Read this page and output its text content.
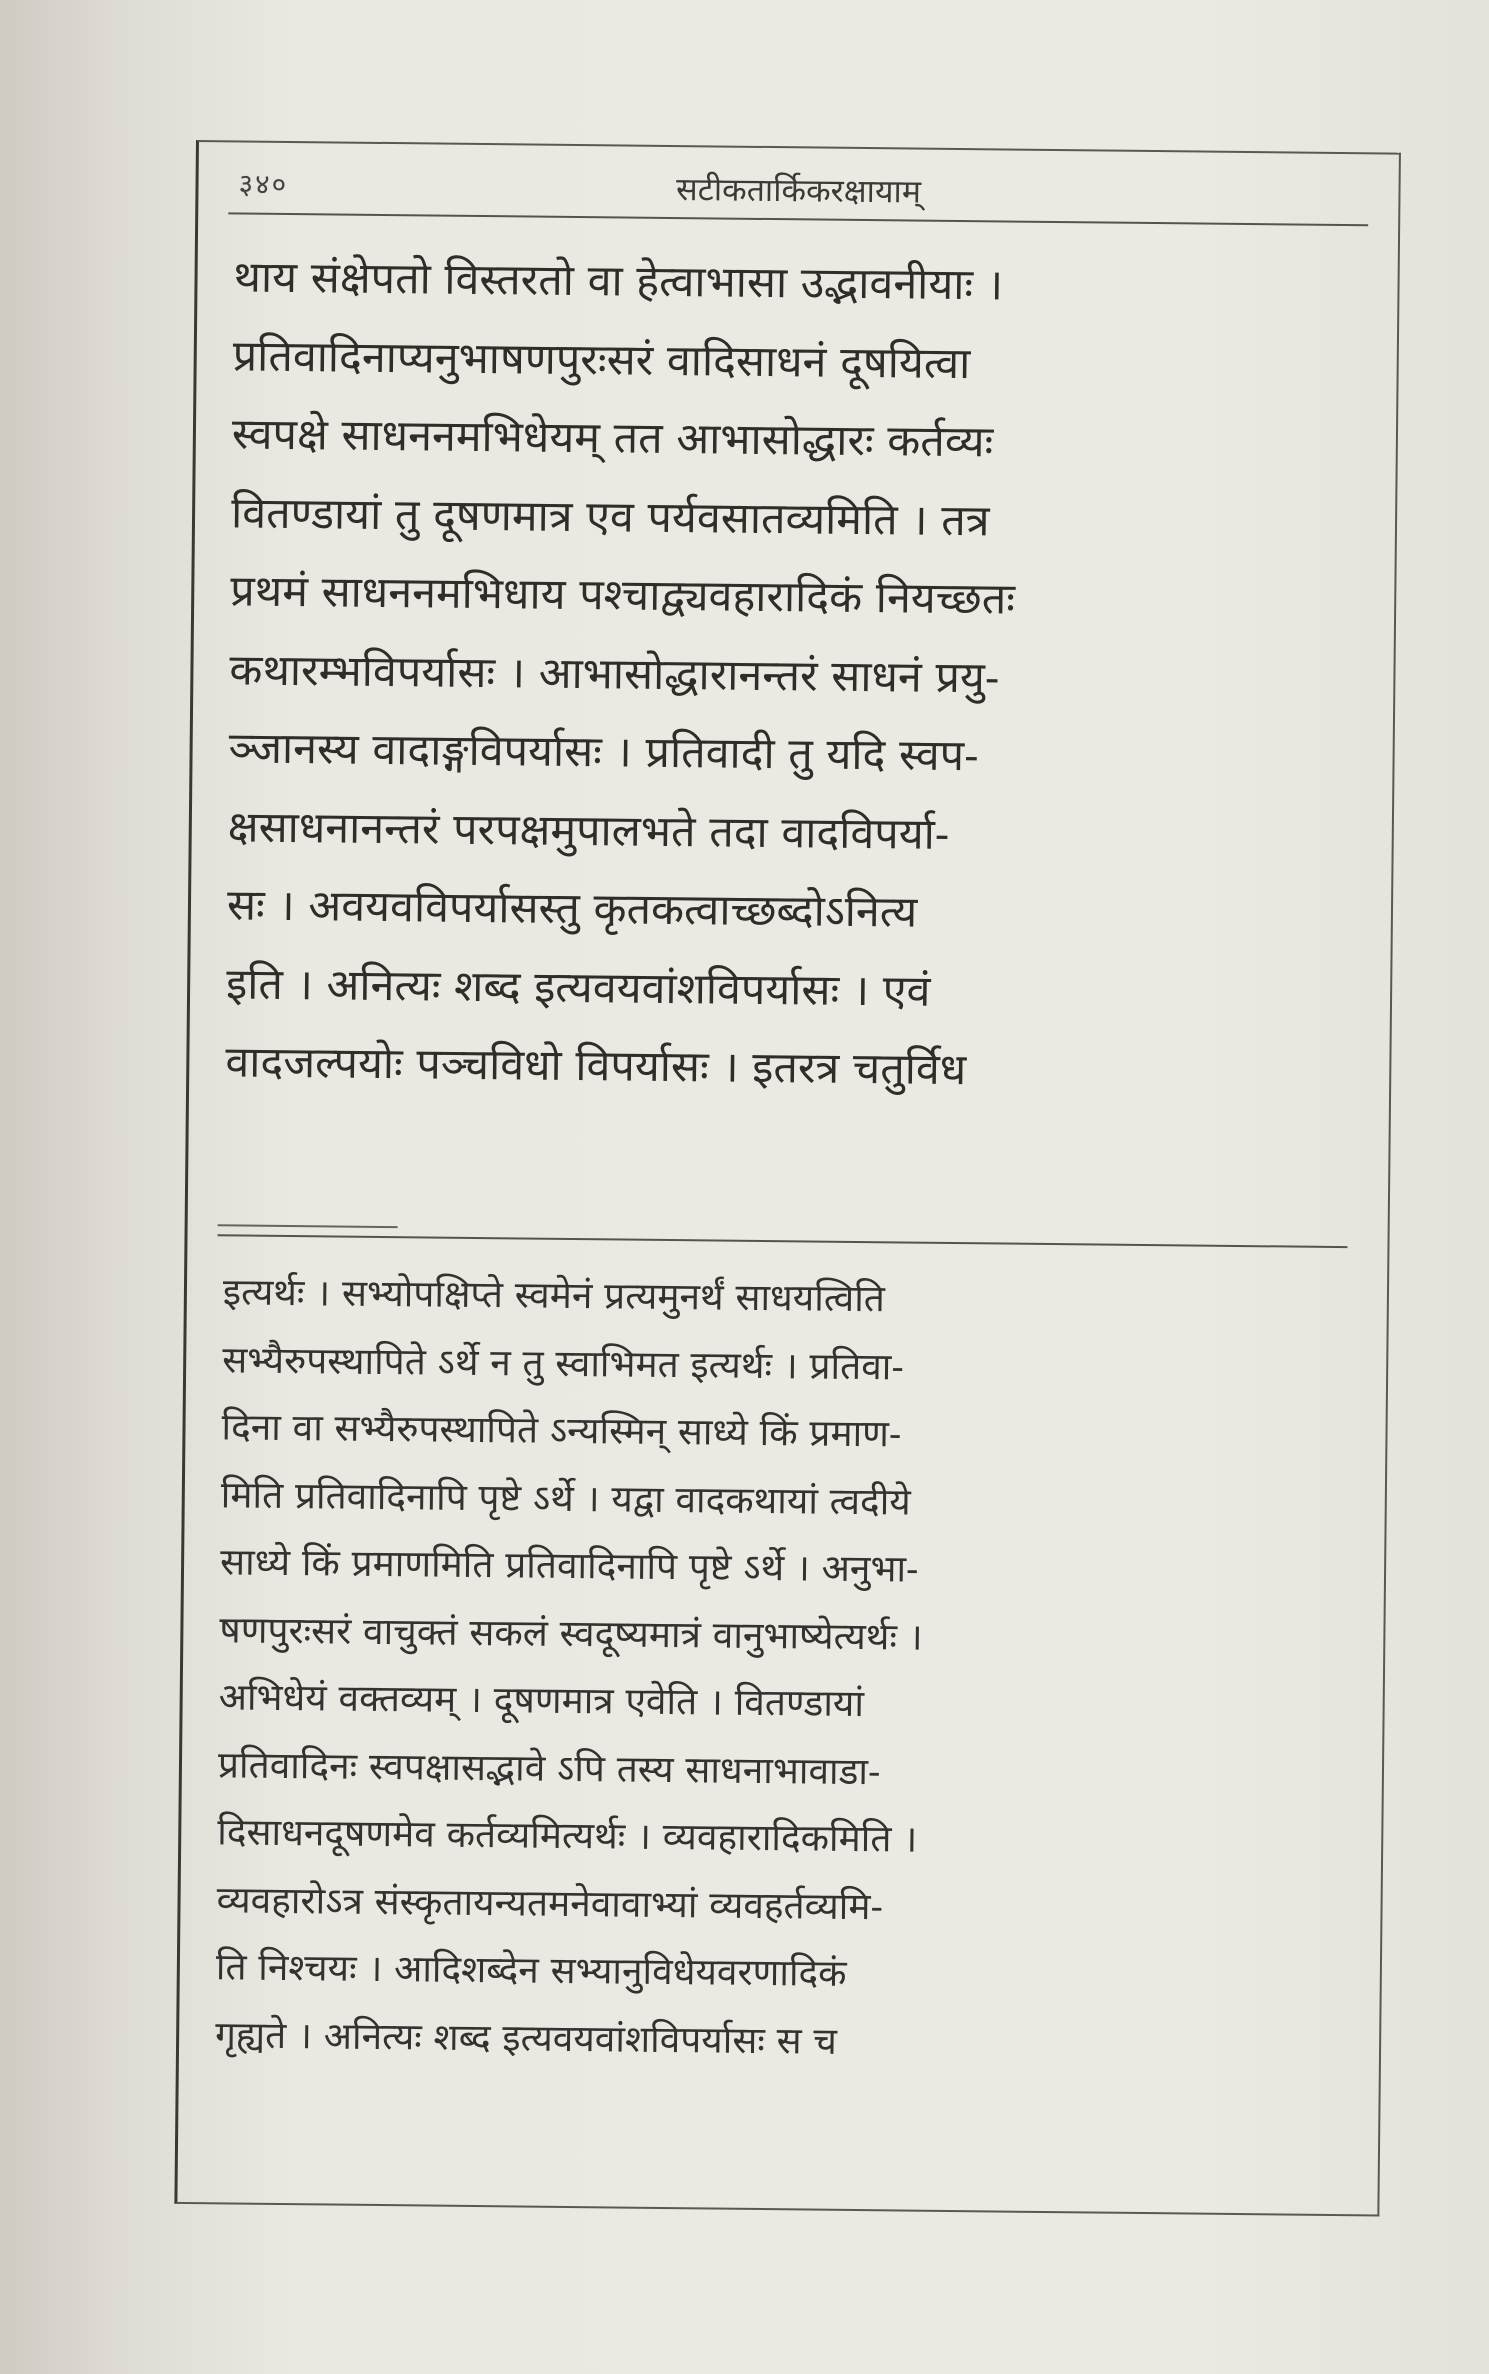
३४०	सटीकतार्किकरक्षायाम्
थाय संक्षेपतो विस्तरतो वा हेत्वाभासा उद्भावनीयाः ।
प्रतिवादिनाप्यनुभाषणपुरःसरं वादिसाधनं दूषयित्वा
स्वपक्षे साधननमभिधेयम् तत आभासोद्धारः कर्तव्यः
वितण्डायां तु दूषणमात्र एव पर्यवसातव्यमिति । तत्र
प्रथमं साधननमभिधाय पश्चाद्व्यवहारादिकं नियच्छतः
कथारम्भविपर्यासः । आभासोद्धारानन्तरं साधनं प्रयु-
ञ्जानस्य वादाङ्गविपर्यासः । प्रतिवादी तु यदि स्वप-
क्षसाधनानन्तरं परपक्षमुपालभते तदा वादविपर्या-
सः । अवयवविपर्यासस्तु कृतकत्वाच्छब्दोऽनित्य
इति । अनित्यः शब्द इत्यवयवांशविपर्यासः । एवं
वादजल्पयोः पञ्चविधो विपर्यासः । इतरत्र चतुर्विध
इत्यर्थः । सभ्योपक्षिप्ते स्वमेनं प्रत्यमुनर्थं साधयत्विति
सभ्यैरुपस्थापिते ऽर्थे न तु स्वाभिमत इत्यर्थः । प्रतिवा-
दिना वा सभ्यैरुपस्थापिते ऽन्यस्मिन् साध्ये किं प्रमाण-
मिति प्रतिवादिनापि पृष्टे ऽर्थे । यद्वा वादकथायां त्वदीये
साध्ये किं प्रमाणमिति प्रतिवादिनापि पृष्टे ऽर्थे । अनुभा-
षणपुरःसरं वाचुक्तं सकलं स्वदूष्यमात्रं वानुभाष्येत्यर्थः ।
अभिधेयं वक्तव्यम् । दूषणमात्र एवेति । वितण्डायां
प्रतिवादिनः स्वपक्षासद्भावे ऽपि तस्य साधनाभावाडा-
दिसाधनदूषणमेव कर्तव्यमित्यर्थः । व्यवहारादिकमिति ।
व्यवहारोऽत्र संस्कृतायन्यतमनेवावाभ्यां व्यवहर्तव्यमि-
ति निश्चयः । आदिशब्देन सभ्यानुविधेयवरणादिकं
गृह्यते । अनित्यः शब्द इत्यवयवांशविपर्यासः स च
